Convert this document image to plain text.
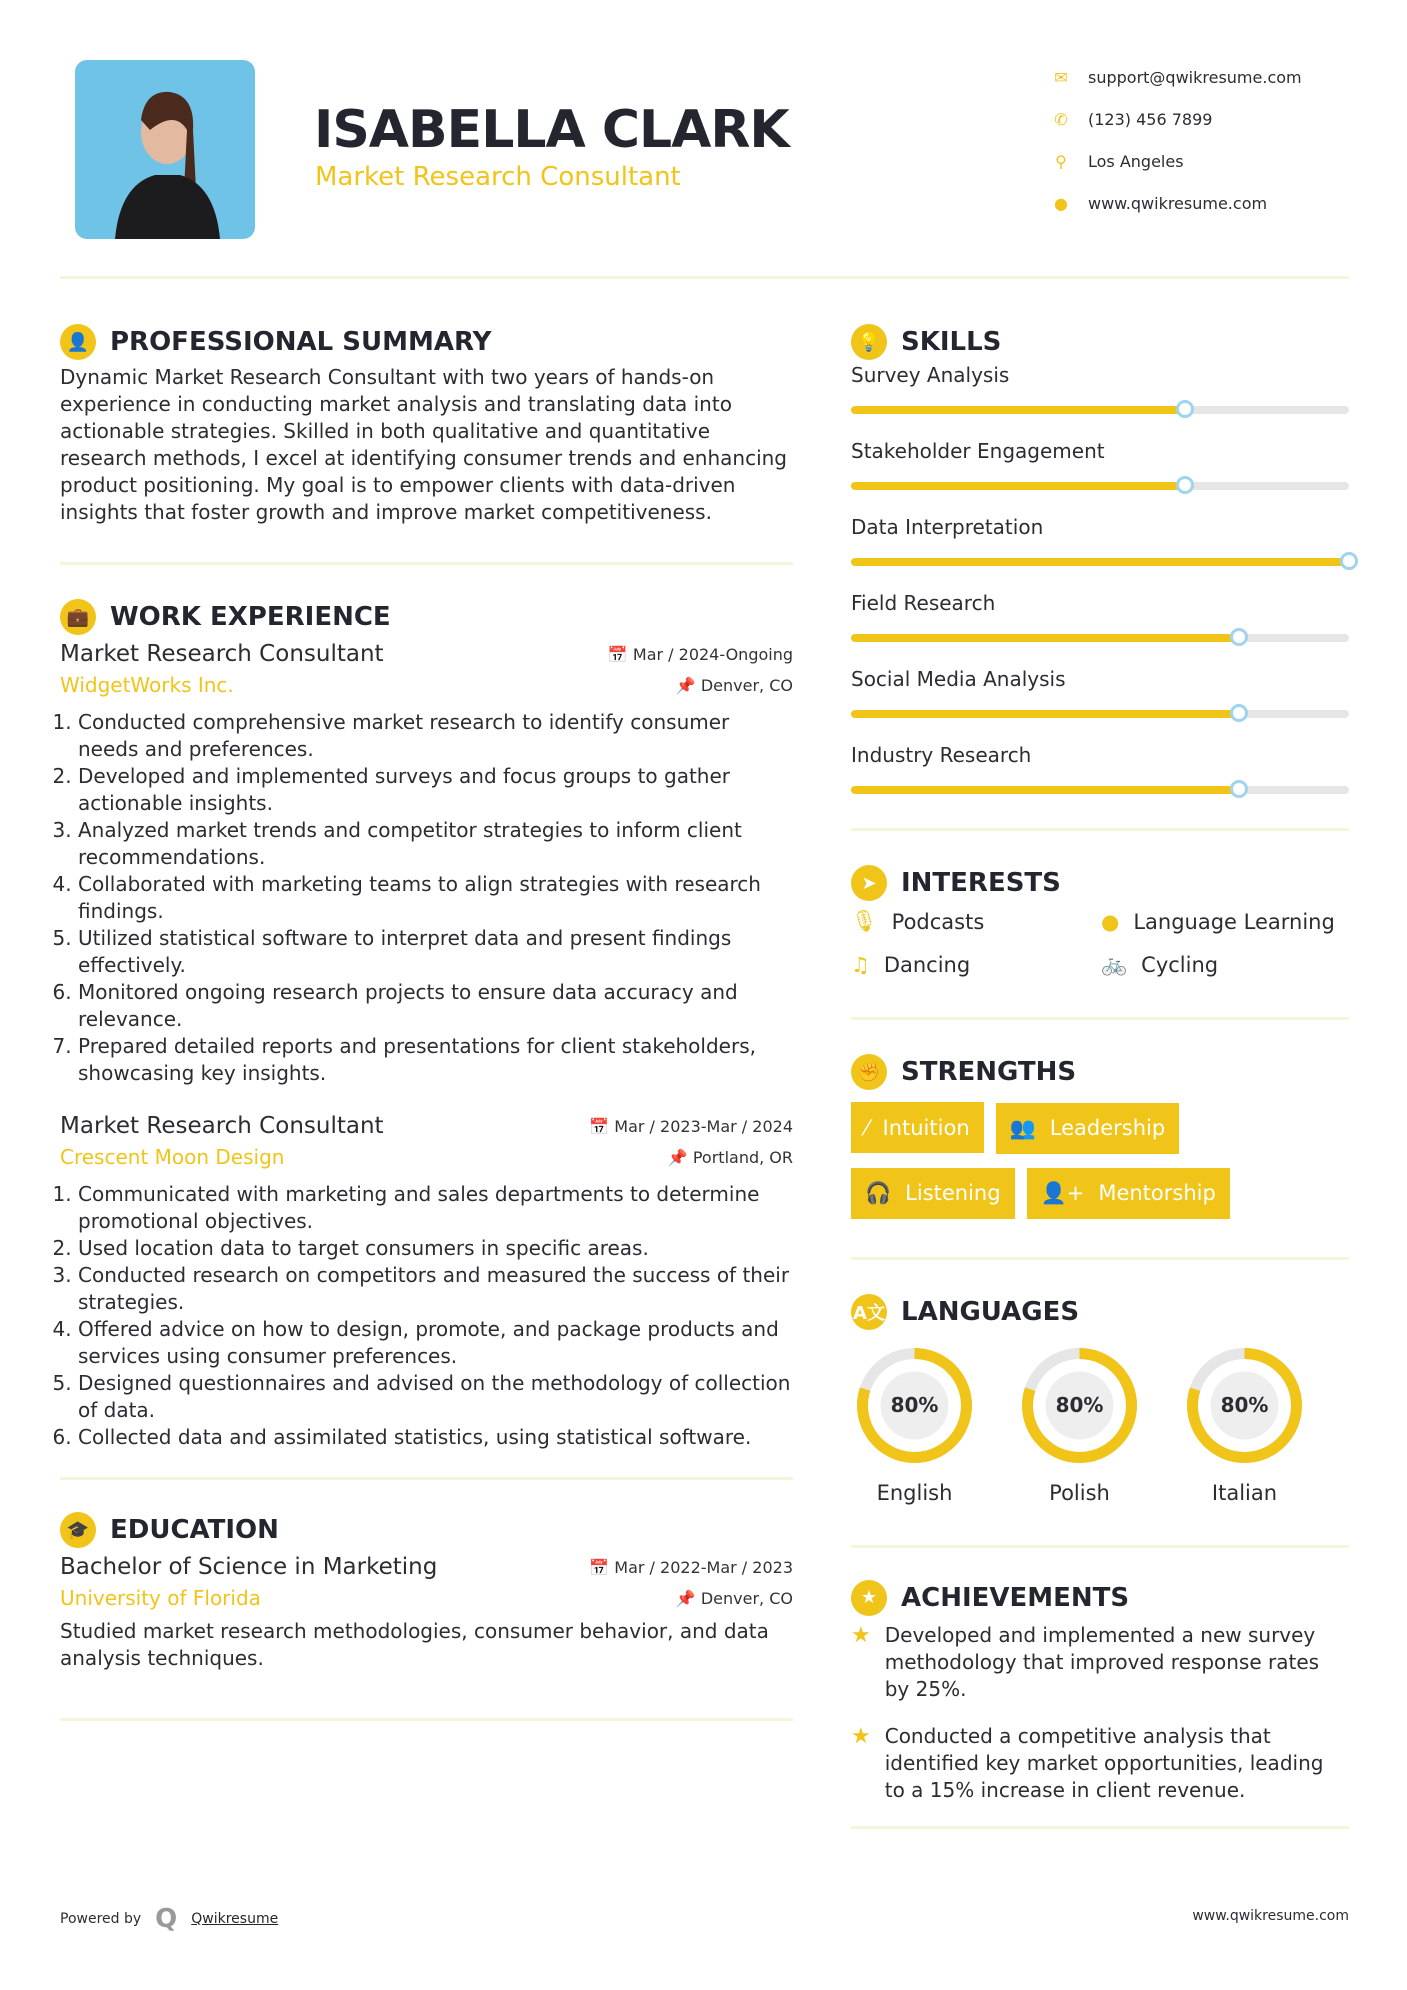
ISABELLA CLARK
Market Research Consultant
✉ support@qwikresume.com
✆ (123) 456 7899
⚲ Los Angeles
● www.qwikresume.com
👤 PROFESSIONAL SUMMARY

Dynamic Market Research Consultant with two years of hands-on experience in conducting market analysis and translating data into actionable strategies. Skilled in both qualitative and quantitative research methods, I excel at identifying consumer trends and enhancing product positioning. My goal is to empower clients with data-driven insights that foster growth and improve market competitiveness.

💼 WORK EXPERIENCE
Market Research Consultant	📅 Mar / 2024-Ongoing
WidgetWorks Inc.	📌 Denver, CO
1. Conducted comprehensive market research to identify consumer needs and preferences.
2. Developed and implemented surveys and focus groups to gather actionable insights.
3. Analyzed market trends and competitor strategies to inform client recommendations.
4. Collaborated with marketing teams to align strategies with research findings.
5. Utilized statistical software to interpret data and present findings effectively.
6. Monitored ongoing research projects to ensure data accuracy and relevance.
7. Prepared detailed reports and presentations for client stakeholders, showcasing key insights.
Market Research Consultant	📅 Mar / 2023-Mar / 2024
Crescent Moon Design	📌 Portland, OR
1. Communicated with marketing and sales departments to determine promotional objectives.
2. Used location data to target consumers in specific areas.
3. Conducted research on competitors and measured the success of their strategies.
4. Offered advice on how to design, promote, and package products and services using consumer preferences.
5. Designed questionnaires and advised on the methodology of collection of data.
6. Collected data and assimilated statistics, using statistical software.
🎓 EDUCATION
Bachelor of Science in Marketing	📅 Mar / 2022-Mar / 2023
University of Florida	📌 Denver, CO

Studied market research methodologies, consumer behavior, and data analysis techniques.

💡 SKILLS
Survey Analysis
Stakeholder Engagement
Data Interpretation
Field Research
Social Media Analysis
Industry Research
➤ INTERESTS
🎙 Podcasts	● Language Learning
♫ Dancing	🚲 Cycling
✊ STRENGTHS
⁄ Intuition 👥 Leadership

🎧 Listening 👤+ Mentorship
A文 LANGUAGES
80%
English
80%
Polish
80%
Italian
★ ACHIEVEMENTS
★ Developed and implemented a new survey methodology that improved response rates by 25%.
★ Conducted a competitive analysis that identified key market opportunities, leading to a 15% increase in client revenue.
Powered by Q Qwikresume	www.qwikresume.com
